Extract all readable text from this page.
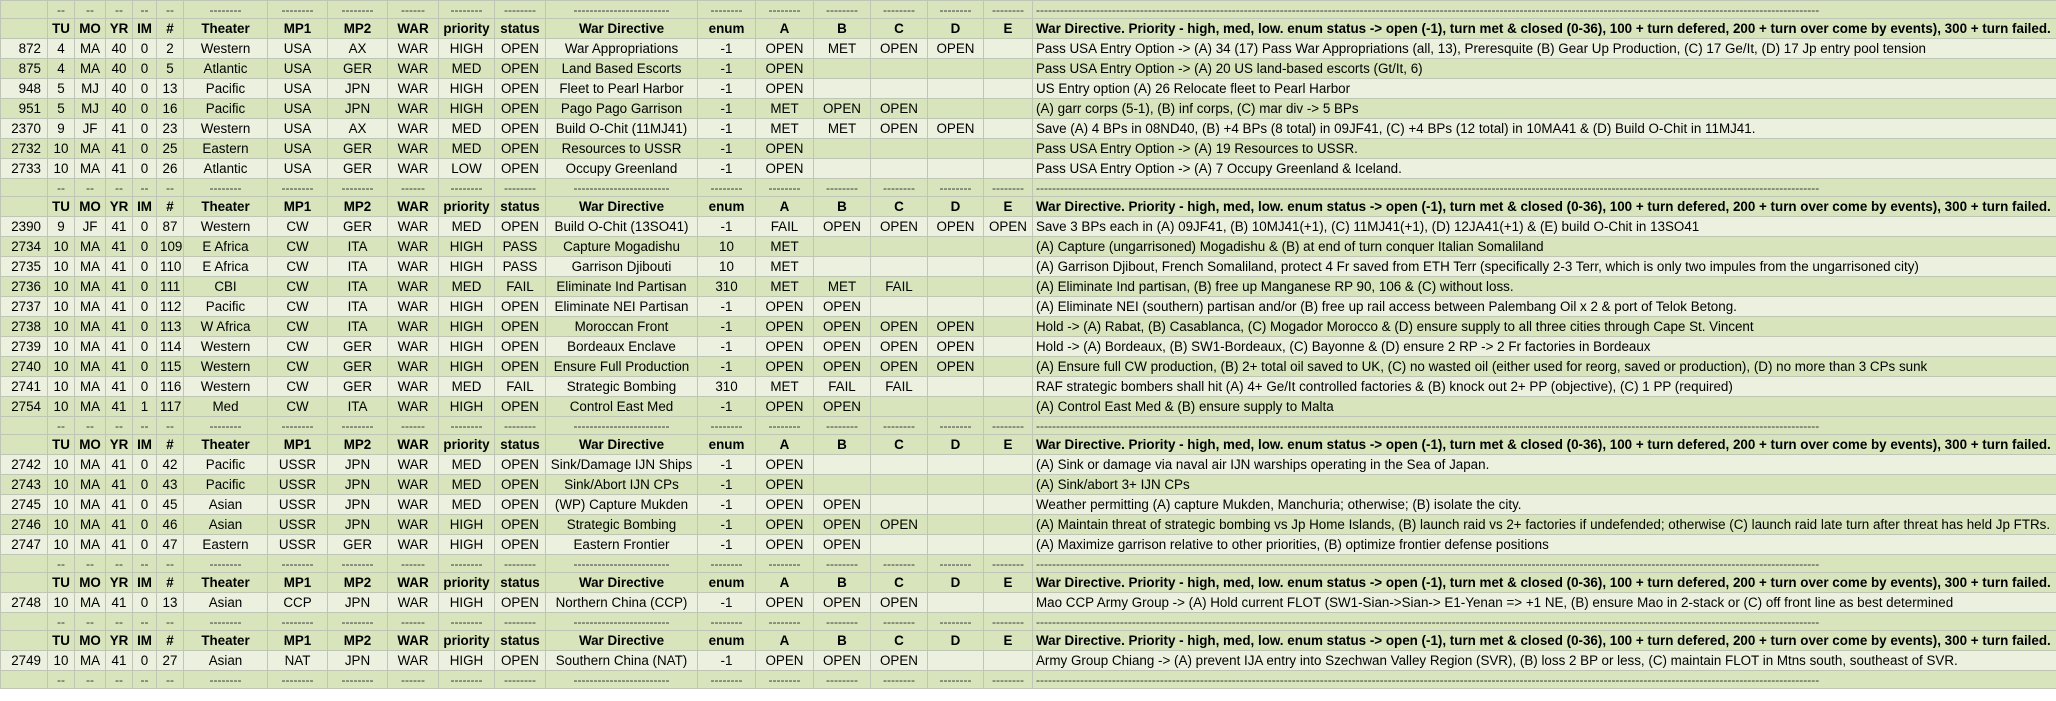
	--	--	--	--	--	--------	--------	--------	------	--------	--------	------------------------	--------	--------	--------	--------	--------	--------	----------------------------------------------------------------------------------------------------------------------------------------------------------------------------------------------------
	TU	MO	YR	IM	#	Theater	MP1	MP2	WAR	priority	status	War Directive	enum	A	B	C	D	E	War Directive. Priority - high, med, low. enum status -> open (-1), turn met & closed (0-36), 100 + turn defered, 200 + turn over come by events), 300 + turn failed.
872	4	MA	40	0	2	Western	USA	AX	WAR	HIGH	OPEN	War Appropriations	-1	OPEN	MET	OPEN	OPEN		Pass USA Entry Option -> (A) 34 (17) Pass War Appropriations (all, 13), Preresquite (B) Gear Up Production, (C) 17 Ge/It, (D) 17 Jp entry pool tension
875	4	MA	40	0	5	Atlantic	USA	GER	WAR	MED	OPEN	Land Based Escorts	-1	OPEN					Pass USA Entry Option -> (A) 20 US land-based escorts (Gt/It, 6)
948	5	MJ	40	0	13	Pacific	USA	JPN	WAR	HIGH	OPEN	Fleet to Pearl Harbor	-1	OPEN					US Entry option (A) 26 Relocate fleet to Pearl Harbor
951	5	MJ	40	0	16	Pacific	USA	JPN	WAR	HIGH	OPEN	Pago Pago Garrison	-1	MET	OPEN	OPEN			(A) garr corps (5-1), (B) inf corps, (C) mar div -> 5 BPs
2370	9	JF	41	0	23	Western	USA	AX	WAR	MED	OPEN	Build O-Chit (11MJ41)	-1	MET	MET	OPEN	OPEN		Save (A) 4 BPs in 08ND40, (B) +4 BPs (8 total) in 09JF41, (C) +4 BPs (12 total) in 10MA41 & (D) Build O-Chit in 11MJ41.
2732	10	MA	41	0	25	Eastern	USA	GER	WAR	MED	OPEN	Resources to USSR	-1	OPEN					Pass USA Entry Option -> (A) 19 Resources to USSR.
2733	10	MA	41	0	26	Atlantic	USA	GER	WAR	LOW	OPEN	Occupy Greenland	-1	OPEN					Pass USA Entry Option -> (A) 7 Occupy Greenland & Iceland.
	--	--	--	--	--	--------	--------	--------	------	--------	--------	------------------------	--------	--------	--------	--------	--------	--------	----------------------------------------------------------------------------------------------------------------------------------------------------------------------------------------------------
	TU	MO	YR	IM	#	Theater	MP1	MP2	WAR	priority	status	War Directive	enum	A	B	C	D	E	War Directive. Priority - high, med, low. enum status -> open (-1), turn met & closed (0-36), 100 + turn defered, 200 + turn over come by events), 300 + turn failed.
2390	9	JF	41	0	87	Western	CW	GER	WAR	MED	OPEN	Build O-Chit (13SO41)	-1	FAIL	OPEN	OPEN	OPEN	OPEN	Save 3 BPs each in (A) 09JF41, (B) 10MJ41(+1), (C) 11MJ41(+1), (D) 12JA41(+1) & (E) build O-Chit in 13SO41
2734	10	MA	41	0	109	E Africa	CW	ITA	WAR	HIGH	PASS	Capture Mogadishu	10	MET					(A) Capture (ungarrisoned) Mogadishu & (B) at end of turn conquer Italian Somaliland
2735	10	MA	41	0	110	E Africa	CW	ITA	WAR	HIGH	PASS	Garrison Djibouti	10	MET					(A) Garrison Djibout, French Somaliland, protect 4 Fr saved from ETH Terr (specifically 2-3 Terr, which is only two impules from the ungarrisoned city)
2736	10	MA	41	0	111	CBI	CW	ITA	WAR	MED	FAIL	Eliminate Ind Partisan	310	MET	MET	FAIL			(A) Eliminate Ind partisan, (B) free up Manganese RP 90, 106 & (C) without loss.
2737	10	MA	41	0	112	Pacific	CW	ITA	WAR	HIGH	OPEN	Eliminate NEI Partisan	-1	OPEN	OPEN				(A) Eliminate NEI (southern) partisan and/or (B) free up rail access between Palembang Oil x 2 & port of Telok Betong.
2738	10	MA	41	0	113	W Africa	CW	ITA	WAR	HIGH	OPEN	Moroccan Front	-1	OPEN	OPEN	OPEN	OPEN		Hold -> (A) Rabat, (B) Casablanca, (C) Mogador Morocco & (D) ensure supply to all three cities through Cape St. Vincent
2739	10	MA	41	0	114	Western	CW	GER	WAR	HIGH	OPEN	Bordeaux Enclave	-1	OPEN	OPEN	OPEN	OPEN		Hold -> (A) Bordeaux, (B) SW1-Bordeaux, (C) Bayonne & (D) ensure 2 RP -> 2 Fr factories in Bordeaux
2740	10	MA	41	0	115	Western	CW	GER	WAR	HIGH	OPEN	Ensure Full Production	-1	OPEN	OPEN	OPEN	OPEN		(A) Ensure full CW production, (B) 2+ total oil saved to UK, (C) no wasted oil (either used for reorg, saved or production), (D) no more than 3 CPs sunk
2741	10	MA	41	0	116	Western	CW	GER	WAR	MED	FAIL	Strategic Bombing	310	MET	FAIL	FAIL			RAF strategic bombers shall hit (A) 4+ Ge/It controlled factories & (B) knock out 2+ PP (objective), (C) 1 PP (required)
2754	10	MA	41	1	117	Med	CW	ITA	WAR	HIGH	OPEN	Control East Med	-1	OPEN	OPEN				(A) Control East Med & (B) ensure supply to Malta
	--	--	--	--	--	--------	--------	--------	------	--------	--------	------------------------	--------	--------	--------	--------	--------	--------	----------------------------------------------------------------------------------------------------------------------------------------------------------------------------------------------------
	TU	MO	YR	IM	#	Theater	MP1	MP2	WAR	priority	status	War Directive	enum	A	B	C	D	E	War Directive. Priority - high, med, low. enum status -> open (-1), turn met & closed (0-36), 100 + turn defered, 200 + turn over come by events), 300 + turn failed.
2742	10	MA	41	0	42	Pacific	USSR	JPN	WAR	MED	OPEN	Sink/Damage IJN Ships	-1	OPEN					(A) Sink or damage via naval air IJN warships operating in the Sea of Japan.
2743	10	MA	41	0	43	Pacific	USSR	JPN	WAR	MED	OPEN	Sink/Abort IJN CPs	-1	OPEN					(A) Sink/abort 3+ IJN CPs
2745	10	MA	41	0	45	Asian	USSR	JPN	WAR	MED	OPEN	(WP) Capture Mukden	-1	OPEN	OPEN				Weather permitting (A) capture Mukden, Manchuria; otherwise; (B) isolate the city.
2746	10	MA	41	0	46	Asian	USSR	JPN	WAR	HIGH	OPEN	Strategic Bombing	-1	OPEN	OPEN	OPEN			(A) Maintain threat of strategic bombing vs Jp Home Islands, (B) launch raid vs 2+ factories if undefended; otherwise (C) launch raid late turn after threat has held Jp FTRs.
2747	10	MA	41	0	47	Eastern	USSR	GER	WAR	HIGH	OPEN	Eastern Frontier	-1	OPEN	OPEN				(A) Maximize garrison relative to other priorities, (B) optimize frontier defense positions
	--	--	--	--	--	--------	--------	--------	------	--------	--------	------------------------	--------	--------	--------	--------	--------	--------	----------------------------------------------------------------------------------------------------------------------------------------------------------------------------------------------------
	TU	MO	YR	IM	#	Theater	MP1	MP2	WAR	priority	status	War Directive	enum	A	B	C	D	E	War Directive. Priority - high, med, low. enum status -> open (-1), turn met & closed (0-36), 100 + turn defered, 200 + turn over come by events), 300 + turn failed.
2748	10	MA	41	0	13	Asian	CCP	JPN	WAR	HIGH	OPEN	Northern China (CCP)	-1	OPEN	OPEN	OPEN			Mao CCP Army Group -> (A) Hold current FLOT (SW1-Sian->Sian-> E1-Yenan => +1 NE, (B) ensure Mao in 2-stack or (C) off front line as best determined
	--	--	--	--	--	--------	--------	--------	------	--------	--------	------------------------	--------	--------	--------	--------	--------	--------	----------------------------------------------------------------------------------------------------------------------------------------------------------------------------------------------------
	TU	MO	YR	IM	#	Theater	MP1	MP2	WAR	priority	status	War Directive	enum	A	B	C	D	E	War Directive. Priority - high, med, low. enum status -> open (-1), turn met & closed (0-36), 100 + turn defered, 200 + turn over come by events), 300 + turn failed.
2749	10	MA	41	0	27	Asian	NAT	JPN	WAR	HIGH	OPEN	Southern China (NAT)	-1	OPEN	OPEN	OPEN			Army Group Chiang -> (A) prevent IJA entry into Szechwan Valley Region (SVR), (B) loss 2 BP or less, (C) maintain FLOT in Mtns south, southeast of SVR.
	--	--	--	--	--	--------	--------	--------	------	--------	--------	------------------------	--------	--------	--------	--------	--------	--------	----------------------------------------------------------------------------------------------------------------------------------------------------------------------------------------------------
